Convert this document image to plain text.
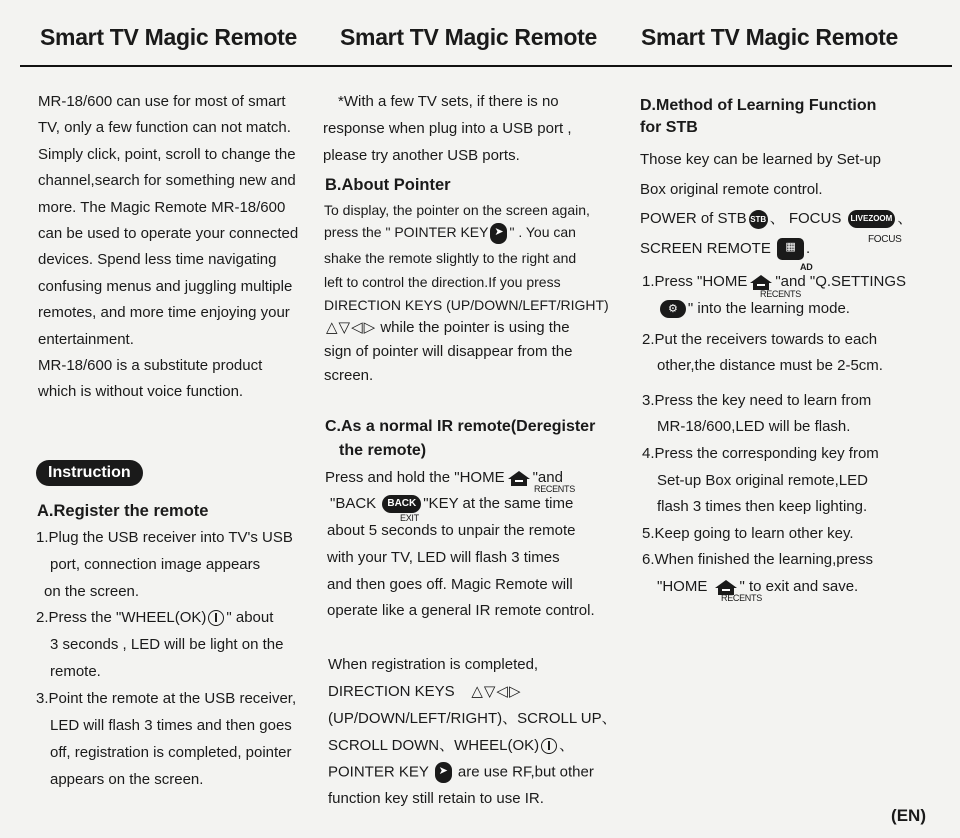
Smart TV Magic Remote Smart TV Magic Remote Smart TV Magic Remote
MR-18/600 can use for most of smart
TV, only a few function can not match.
Simply click, point, scroll to change the
channel,search for something new and
more. The Magic Remote MR-18/600
can be used to operate your connected
devices. Spend less time navigating
confusing menus and juggling multiple
remotes, and more time enjoying your
entertainment.
MR-18/600 is a substitute product
which is without voice function.
Instruction
A.Register the remote
1.Plug the USB receiver into TV's USB
port, connection image appears
on the screen.
2.Press the "WHEEL(OK) " about
3 seconds , LED will be light on the
remote.
3.Point the remote at the USB receiver,
LED will flash 3 times and then goes
off, registration is completed, pointer
appears on the screen.
*With a few TV sets, if there is no
response when plug into a USB port ,
please try another USB ports.
B.About Pointer
To display, the pointer on the screen again,
press the " POINTER KEY ➤ " . You can
shake the remote slightly to the right and
left to control the direction.If you press
DIRECTION KEYS (UP/DOWN/LEFT/RIGHT)
△▽◁▷ while the pointer is using the
sign of pointer will disappear from the
screen.
C.As a normal IR remote(Deregister
the remote)
Press and hold the "HOME "and
RECENTS
"BACK BACK "KEY at the same time
EXIT
about 5 seconds to unpair the remote
with your TV, LED will flash 3 times
and then goes off. Magic Remote will
operate like a general IR remote control.
When registration is completed,
DIRECTION KEYS △▽◁▷
(UP/DOWN/LEFT/RIGHT)、SCROLL UP、
SCROLL DOWN、WHEEL(OK) 、
POINTER KEY ➤ are use RF,but other
function key still retain to use IR.
D.Method of Learning Function
for STB
Those key can be learned by Set-up
Box original remote control.
POWER of STB STB 、 FOCUS LIVEZOOM 、
FOCUS
SCREEN REMOTE ▦ .
AD
1.Press "HOME "and "Q.SETTINGS
RECENTS
⚙ " into the learning mode.
2.Put the receivers towards to each
other,the distance must be 2-5cm.
3.Press the key need to learn from
MR-18/600,LED will be flash.
4.Press the corresponding key from
Set-up Box original remote,LED
flash 3 times then keep lighting.
5.Keep going to learn other key.
6.When finished the learning,press
"HOME " to exit and save.
RECENTS
(EN)
